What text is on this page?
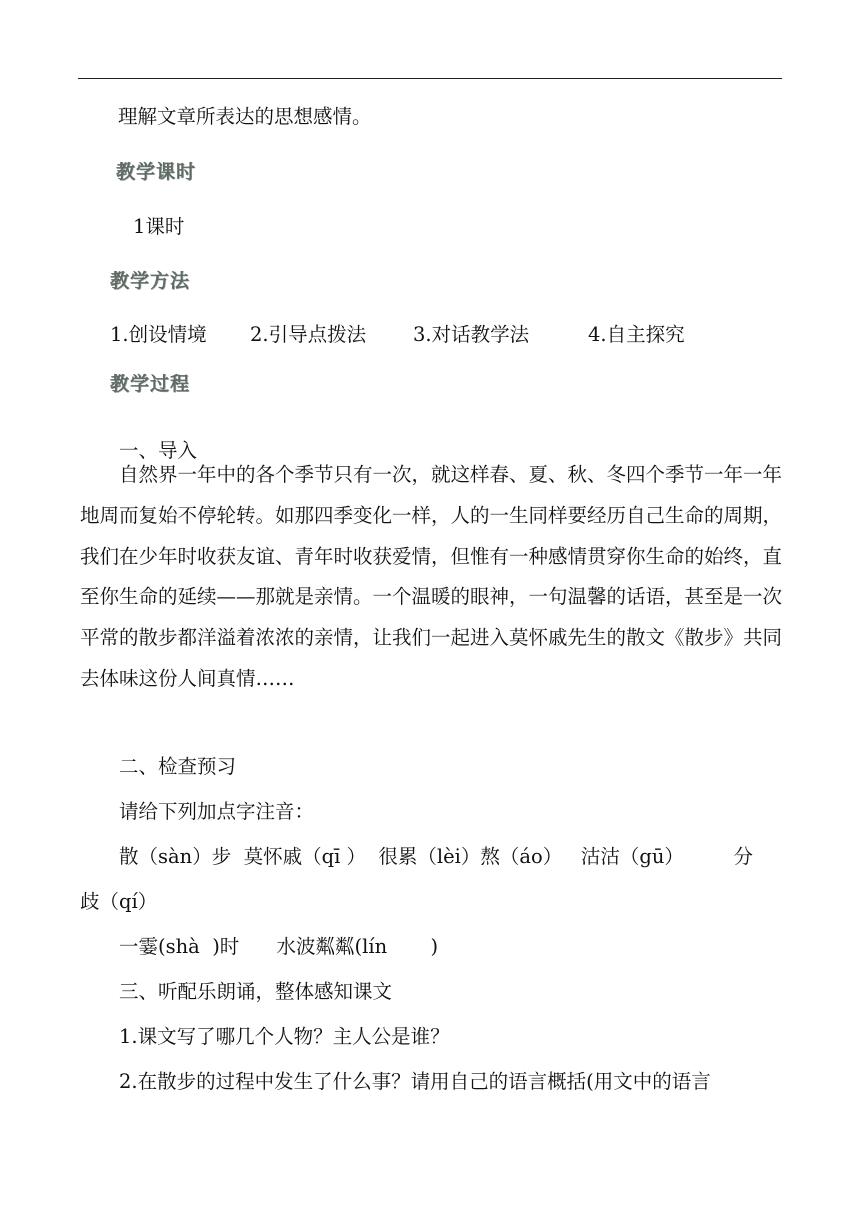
理解文章所表达的思想感情。
教学课时
1课时
教学方法
1.创设情境 2.引导点拨法 3.对话教学法	4.自主探究
教学过程
一、导入
自然界一年中的各个季节只有一次，就这样春、夏、秋、冬四个季节一年一年地周而复始不停轮转。如那四季变化一样，人的一生同样要经历自己生命的周期，我们在少年时收获友谊、青年时收获爱情，但惟有一种感情贯穿你生命的始终，直至你生命的延续——那就是亲情。一个温暖的眼神，一句温馨的话语，甚至是一次平常的散步都洋溢着浓浓的亲情，让我们一起进入莫怀戚先生的散文《散步》共同去体味这份人间真情……
二、检查预习
请给下列加点字注音：
散（sàn）步  莫怀戚（qī ）  很累（lèi）熬（áo）   沽沽（gū）        分
歧（qí）
一霎(shà  )时      水波粼粼(lín       )
三、听配乐朗诵，整体感知课文
1.课文写了哪几个人物？主人公是谁？
2.在散步的过程中发生了什么事？请用自己的语言概括(用文中的语言
